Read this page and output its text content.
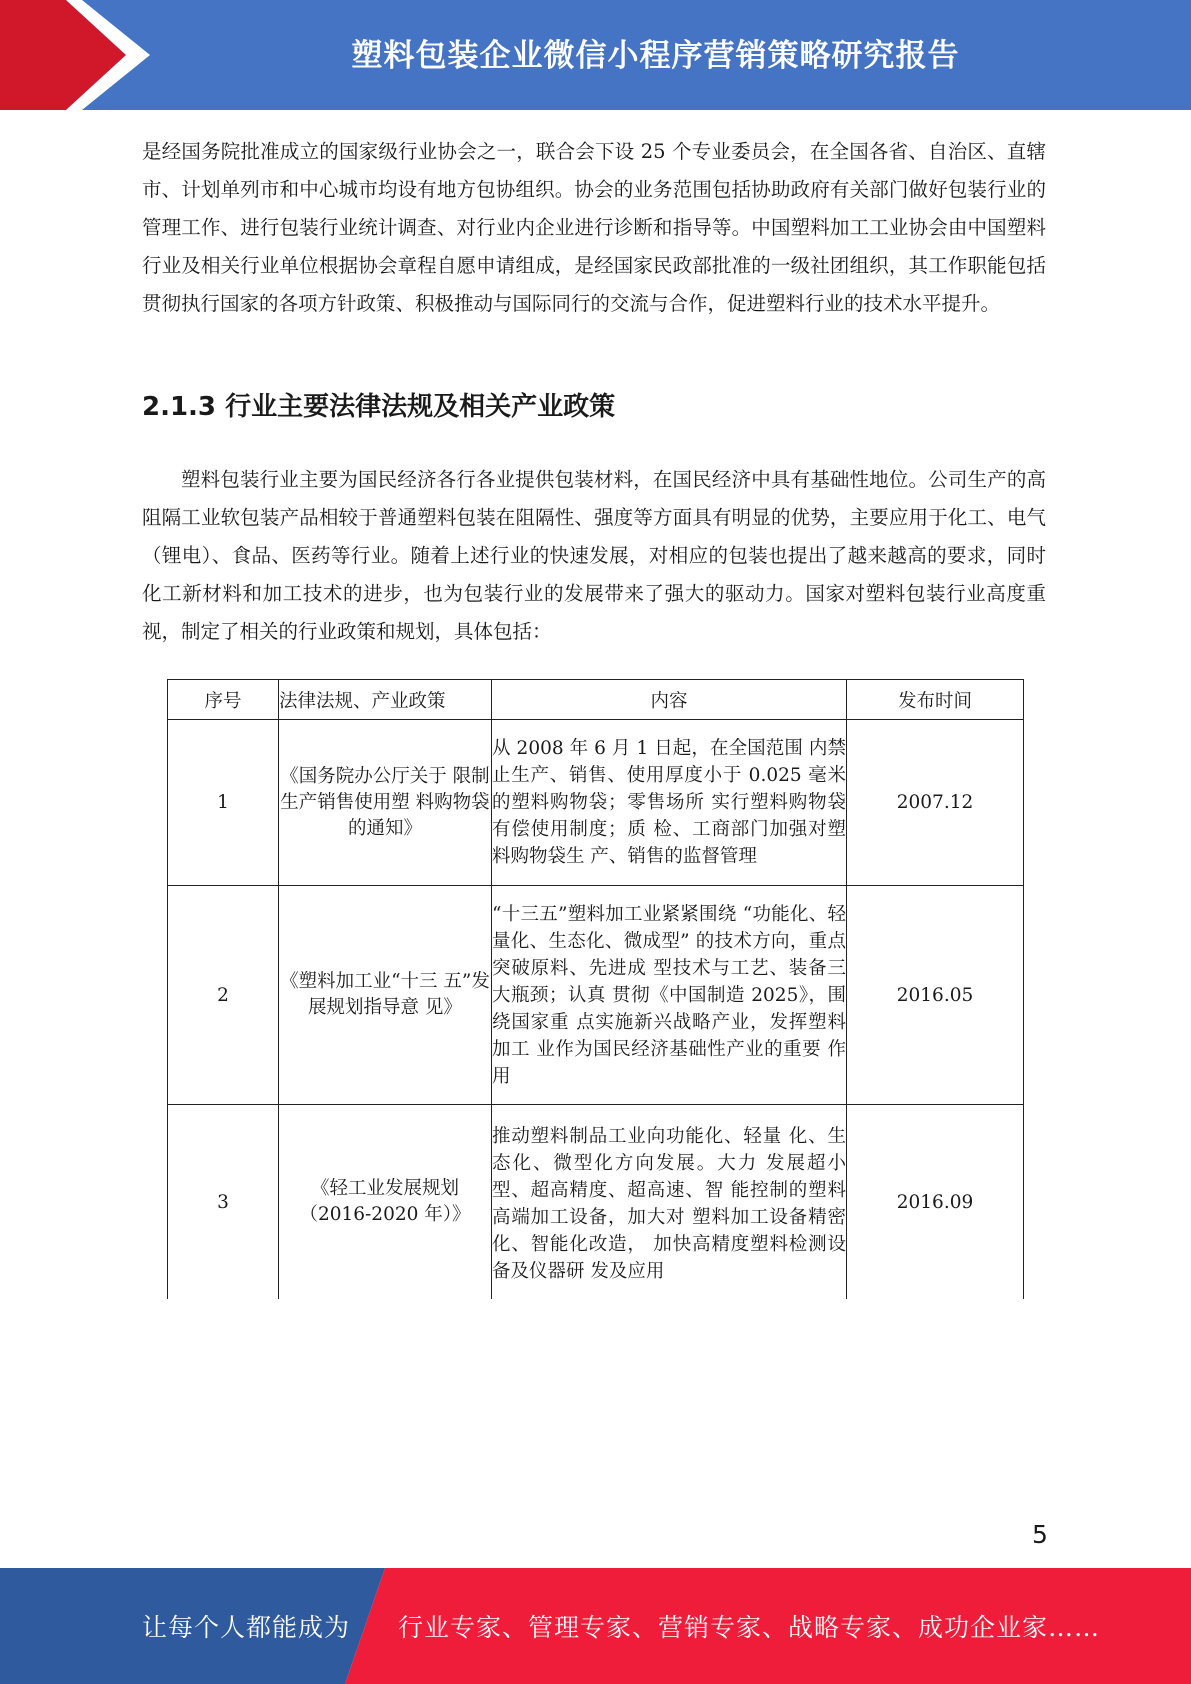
塑料包装企业微信小程序营销策略研究报告

是经国务院批准成立的国家级行业协会之一，联合会下设 25 个专业委员会，在全国各省、自治区、直辖市、计划单列市和中心城市均设有地方包协组织。协会的业务范围包括协助政府有关部门做好包装行业的管理工作、进行包装行业统计调查、对行业内企业进行诊断和指导等。中国塑料加工工业协会由中国塑料行业及相关行业单位根据协会章程自愿申请组成，是经国家民政部批准的一级社团组织，其工作职能包括贯彻执行国家的各项方针政策、积极推动与国际同行的交流与合作，促进塑料行业的技术水平提升。

2.1.3 行业主要法律法规及相关产业政策

塑料包装行业主要为国民经济各行各业提供包装材料，在国民经济中具有基础性地位。公司生产的高阻隔工业软包装产品相较于普通塑料包装在阻隔性、强度等方面具有明显的优势，主要应用于化工、电气（锂电）、食品、医药等行业。随着上述行业的快速发展，对相应的包装也提出了越来越高的要求，同时化工新材料和加工技术的进步，也为包装行业的发展带来了强大的驱动力。国家对塑料包装行业高度重视，制定了相关的行业政策和规划，具体包括：

序号	法律法规、产业政策	内容	发布时间
1	《国务院办公厅关于 限制生产销售使用塑 料购物袋的通知》	从 2008 年 6 月 1 日起，在全国范围 内禁止生产、销售、使用厚度小于 0.025 毫米的塑料购物袋；零售场所 实行塑料购物袋有偿使用制度；质 检、工商部门加强对塑料购物袋生 产、销售的监督管理	2007.12
2	《塑料加工业“十三 五”发展规划指导意 见》	“十三五”塑料加工业紧紧围绕 “功能化、轻量化、生态化、微成型” 的技术方向，重点突破原料、先进成 型技术与工艺、装备三大瓶颈；认真 贯彻《中国制造 2025》，围绕国家重 点实施新兴战略产业，发挥塑料加工 业作为国民经济基础性产业的重要 作用	2016.05
3	《轻工业发展规划 （2016-2020 年）》	推动塑料制品工业向功能化、轻量 化、生态化、微型化方向发展。大力 发展超小型、超高精度、超高速、智 能控制的塑料高端加工设备，加大对 塑料加工设备精密化、智能化改造， 加快高精度塑料检测设备及仪器研 发及应用	2016.09
5
让每个人都能成为 行业专家、管理专家、营销专家、战略专家、成功企业家……
